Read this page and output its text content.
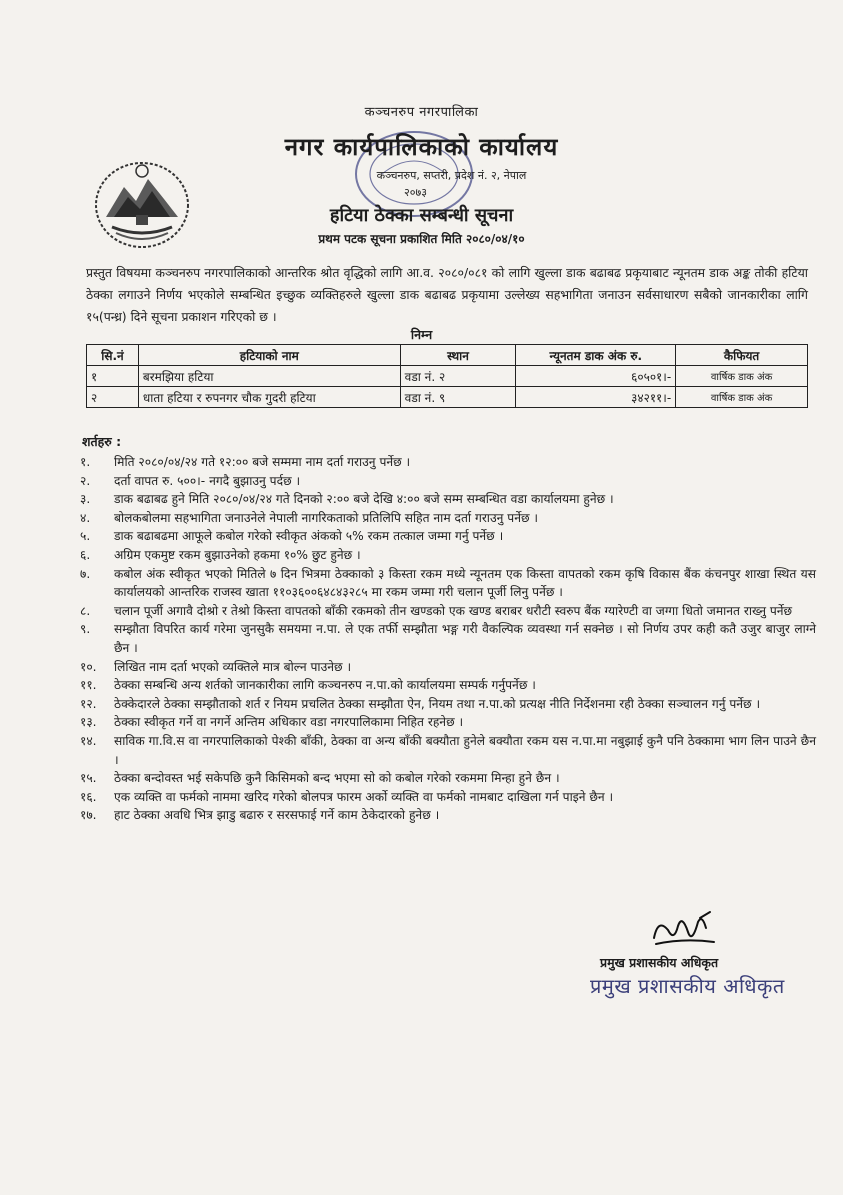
कञ्चनरुप नगरपालिका
नगर कार्यपालिकाको कार्यालय
कञ्चनरुप, सप्तरी, प्रदेश नं. २, नेपाल
२०७३
हटिया ठेक्का सम्बन्धी सूचना
प्रथम पटक सूचना प्रकाशित मिति २०८०/०४/१०
प्रस्तुत विषयमा कञ्चनरुप नगरपालिकाको आन्तरिक श्रोत वृद्धिको लागि आ.व. २०८०/०८१ को लागि खुल्ला डाक बढाबढ प्रकृयाबाट न्यूनतम डाक अङ्क तोकी हटिया ठेक्का लगाउने निर्णय भएकोले सम्बन्धित इच्छुक व्यक्तिहरुले खुल्ला डाक बढाबढ प्रकृयामा उल्लेख्य सहभागिता जनाउन सर्वसाधारण सबैको जानकारीका लागि १५(पन्ध्र) दिने सूचना प्रकाशन गरिएको छ ।
निम्न
सि.नं	हटियाको नाम	स्थान	न्यूनतम डाक अंक रु.	कैफियत
१	बरमझिया हटिया	वडा नं. २	६०५०१।-	वार्षिक डाक अंक
२	धाता हटिया र रुपनगर चौक गुदरी हटिया	वडा नं. ९	३४२११।-	वार्षिक डाक अंक
शर्तहरु :
१.	मिति २०८०/०४/२४ गते १२:०० बजे सम्ममा नाम दर्ता गराउनु पर्नेछ ।
२.	दर्ता वापत रु. ५००।- नगदै बुझाउनु पर्दछ ।
३.	डाक बढाबढ हुने मिति २०८०/०४/२४ गते दिनको २:०० बजे देखि ४:०० बजे सम्म सम्बन्धित वडा कार्यालयमा हुनेछ ।
४.	बोलकबोलमा सहभागिता जनाउनेले नेपाली नागरिकताको प्रतिलिपि सहित नाम दर्ता गराउनु पर्नेछ ।
५.	डाक बढाबढमा आफूले कबोल गरेको स्वीकृत अंकको ५% रकम तत्काल जम्मा गर्नु पर्नेछ ।
६.	अग्रिम एकमुष्ट रकम बुझाउनेको हकमा १०% छुट हुनेछ ।
७.	कबोल अंक स्वीकृत भएको मितिले ७ दिन भित्रमा ठेक्काको ३ किस्ता रकम मध्ये न्यूनतम एक किस्ता वापतको रकम कृषि विकास बैंक कंचनपुर शाखा स्थित यस कार्यालयको आन्तरिक राजस्व खाता ११०३६००६४८४३२८५ मा रकम जम्मा गरी चलान पूर्जी लिनु पर्नेछ ।
८.	चलान पूर्जी अगावै दोश्रो र तेश्रो किस्ता वापतको बाँकी रकमको तीन खण्डको एक खण्ड बराबर धरौटी स्वरुप बैंक ग्यारेण्टी वा जग्गा धितो जमानत राख्नु पर्नेछ
९.	सम्झौता विपरित कार्य गरेमा जुनसुकै समयमा न.पा. ले एक तर्फी सम्झौता भङ्ग गरी वैकल्पिक व्यवस्था गर्न सक्नेछ । सो निर्णय उपर कही कतै उजुर बाजुर लाग्ने छैन ।
१०.	लिखित नाम दर्ता भएको व्यक्तिले मात्र बोल्न पाउनेछ ।
११.	ठेक्का सम्बन्धि अन्य शर्तको जानकारीका लागि कञ्चनरुप न.पा.को कार्यालयमा सम्पर्क गर्नुपर्नेछ ।
१२.	ठेक्केदारले ठेक्का सम्झौताको शर्त र नियम प्रचलित ठेक्का सम्झौता ऐन, नियम तथा न.पा.को प्रत्यक्ष नीति निर्देशनमा रही ठेक्का सञ्चालन गर्नु पर्नेछ ।
१३.	ठेक्का स्वीकृत गर्ने वा नगर्ने अन्तिम अधिकार वडा नगरपालिकामा निहित रहनेछ ।
१४.	साविक गा.वि.स वा नगरपालिकाको पेश्की बाँकी, ठेक्का वा अन्य बाँकी बक्यौता हुनेले बक्यौता रकम यस न.पा.मा नबुझाई कुनै पनि ठेक्कामा भाग लिन पाउने छैन ।
१५.	ठेक्का बन्दोवस्त भई सकेपछि कुनै किसिमको बन्द भएमा सो को कबोल गरेको रकममा मिन्हा हुने छैन ।
१६.	एक व्यक्ति वा फर्मको नाममा खरिद गरेको बोलपत्र फारम अर्को व्यक्ति वा फर्मको नामबाट दाखिला गर्न पाइने छैन ।
१७.	हाट ठेक्का अवधि भित्र झाडु बढारु र सरसफाई गर्ने काम ठेकेदारको हुनेछ ।
प्रमुख प्रशासकीय अधिकृत
प्रमुख प्रशासकीय अधिकृत
